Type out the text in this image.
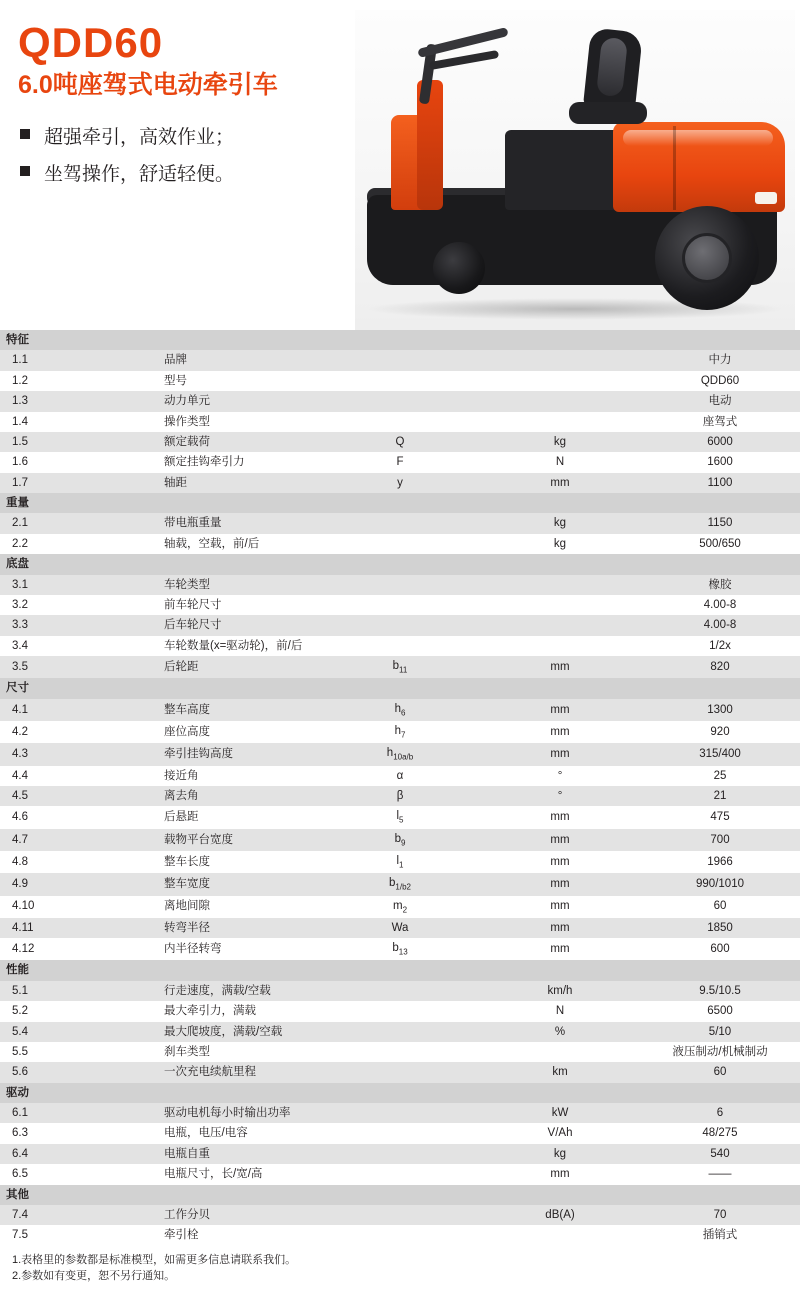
QDD60
6.0吨座驾式电动牵引车
超强牵引，高效作业；
坐驾操作，舒适轻便。
特征				
1.1	品牌			中力
1.2	型号			QDD60
1.3	动力单元			电动
1.4	操作类型			座驾式
1.5	额定载荷	Q	kg	6000
1.6	额定挂钩牵引力	F	N	1600
1.7	轴距	y	mm	1100
重量				
2.1	带电瓶重量		kg	1150
2.2	轴载，空载，前/后		kg	500/650
底盘				
3.1	车轮类型			橡胶
3.2	前车轮尺寸			4.00-8
3.3	后车轮尺寸			4.00-8
3.4	车轮数量(x=驱动轮)，前/后			1/2x
3.5	后轮距	$b_{11}$	mm	820
尺寸				
4.1	整车高度	$h_6$	mm	1300
4.2	座位高度	$h_7$	mm	920
4.3	牵引挂钩高度	$h_{10a/b}$	mm	315/400
4.4	接近角	α	°	25
4.5	离去角	β	°	21
4.6	后悬距	$l_5$	mm	475
4.7	载物平台宽度	$b_9$	mm	700
4.8	整车长度	$l_1$	mm	1966
4.9	整车宽度	$b_{1/b2}$	mm	990/1010
4.10	离地间隙	$m_2$	mm	60
4.11	转弯半径	Wa	mm	1850
4.12	内半径转弯	$b_{13}$	mm	600
性能				
5.1	行走速度，满载/空载		km/h	9.5/10.5
5.2	最大牵引力，满载		N	6500
5.4	最大爬坡度，满载/空载		%	5/10
5.5	刹车类型			液压制动/机械制动
5.6	一次充电续航里程		km	60
驱动				
6.1	驱动电机每小时输出功率		kW	6
6.3	电瓶，电压/电容		V/Ah	48/275
6.4	电瓶自重		kg	540
6.5	电瓶尺寸，长/宽/高		mm	——
其他				
7.4	工作分贝		dB(A)	70
7.5	牵引栓			插销式
1.表格里的参数都是标准模型，如需更多信息请联系我们。
2.参数如有变更，恕不另行通知。
